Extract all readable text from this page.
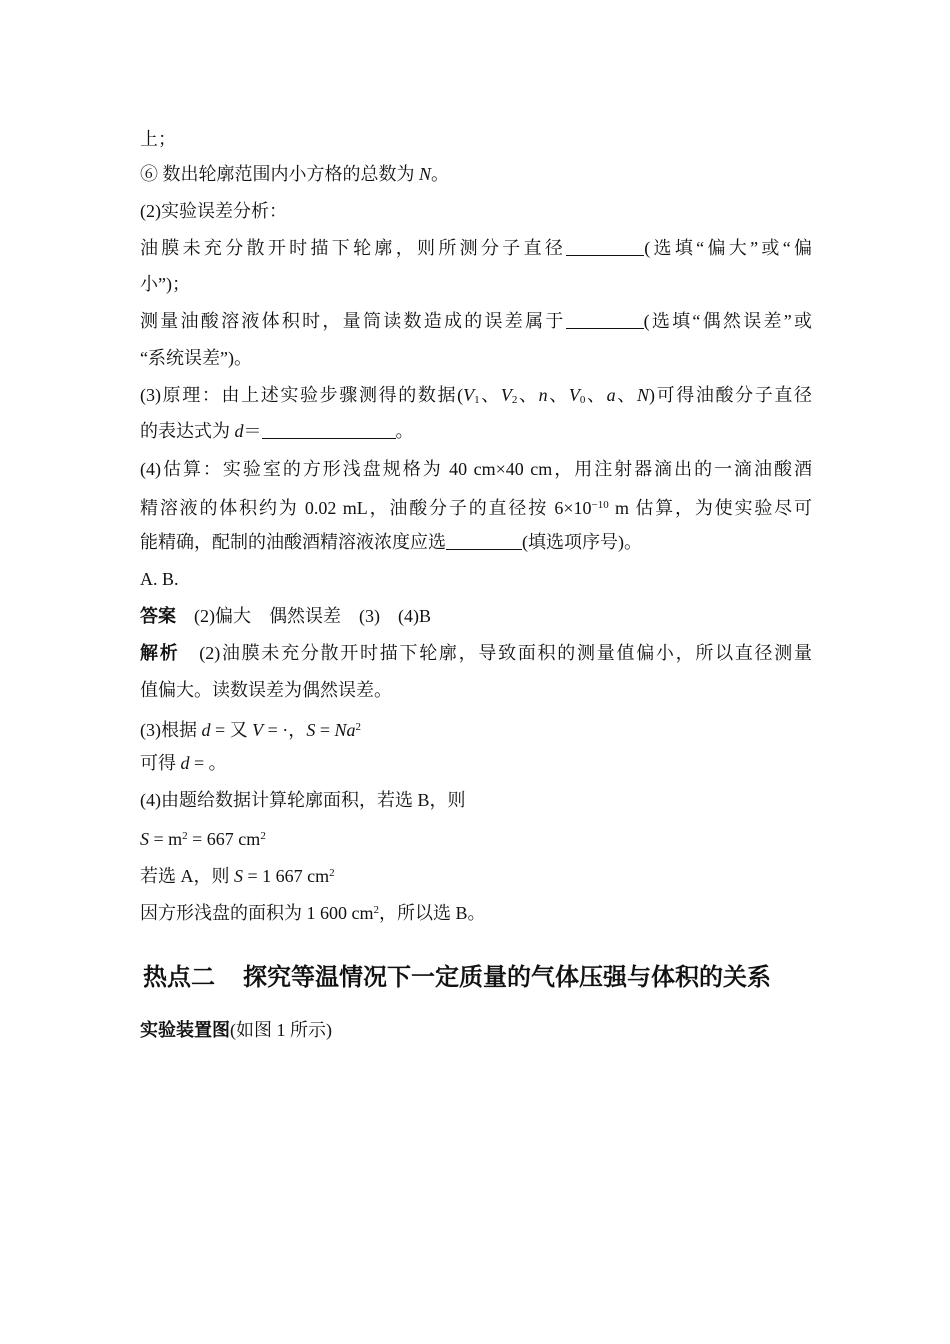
上；
⑥ 数出轮廓范围内小方格的总数为 N。
(2)实验误差分析：
油膜未充分散开时描下轮廓，则所测分子直径	(选填“偏大”或“偏
小”)；
测量油酸溶液体积时，量筒读数造成的误差属于	(选填“偶然误差”或
“系统误差”)。
(3)原理：由上述实验步骤测得的数据($V_1$、$V_2$、n、$V_0$、a、N)可得油酸分子直径
的表达式为 d＝	。
(4)估算：实验室的方形浅盘规格为 40 cm×40 cm，用注射器滴出的一滴油酸酒
精溶液的体积约为 0.02 mL，油酸分子的直径按 $6\times 10^{-10}$ m 估算，为使实验尽可
能精确，配制的油酸酒精溶液浓度应选	(填选项序号)。
A. B.
答案　 (2)偏大　偶然误差　(3)　(4)B
解析　 (2)油膜未充分散开时描下轮廓，导致面积的测量值偏小，所以直径测量
值偏大。读数误差为偶然误差。
(3)根据 d = 又 V = ·，$S = Na^2$
可得 d = 。
(4)由题给数据计算轮廓面积，若选 B，则
$S = m^2 = 667$ $cm^2$
若选 A，则 S = 1 667 $cm^2$
因方形浅盘的面积为 1 600 $cm^2$，所以选 B。
热点二 探究等温情况下一定质量的气体压强与体积的关系
实验装置图(如图 1 所示)
